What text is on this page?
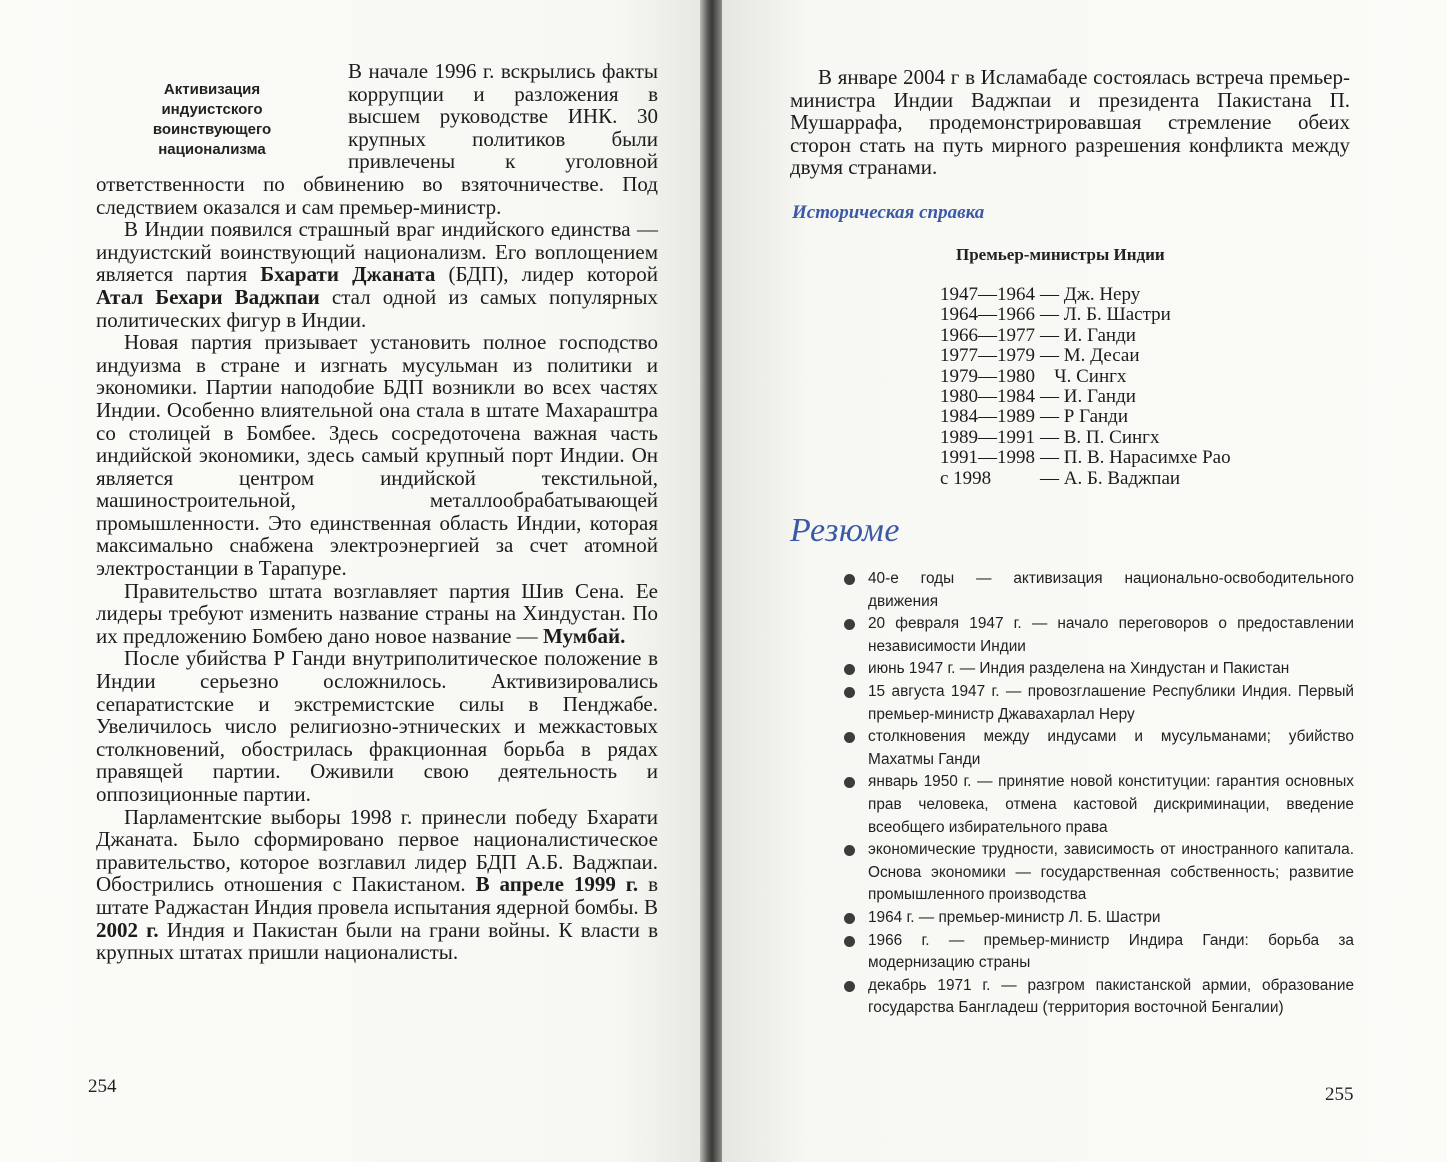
Активизация
индуистского
воинствующего
национализма

В начале 1996 г. вскрылись факты коррупции и разложения в высшем руководстве ИНК. 30 крупных политиков были привлечены к уголовной ответственности по обвинению во взяточничестве. Под следствием оказался и сам премьер-министр.

В Индии появился страшный враг индийского единства — индуистский воинствующий национализм. Его воплощением является партия Бхарати Джаната (БДП), лидер которой Атал Бехари Ваджпаи стал одной из самых популярных политических фигур в Индии.

Новая партия призывает установить полное господство индуизма в стране и изгнать мусульман из политики и экономики. Партии наподобие БДП возникли во всех частях Индии. Особенно влиятельной она стала в штате Махараштра со столицей в Бомбее. Здесь сосредоточена важная часть индийской экономики, здесь самый крупный порт Индии. Он является центром индийской текстильной, машиностроительной, металлообрабатывающей промышленности. Это единственная область Индии, которая максимально снабжена электроэнергией за счет атомной электростанции в Тарапуре.

Правительство штата возглавляет партия Шив Сена. Ее лидеры требуют изменить название страны на Хиндустан. По их предложению Бомбею дано новое название — Мумбай.

После убийства Р Ганди внутриполитическое положение в Индии серьезно осложнилось. Активизировались сепаратистские и экстремистские силы в Пенджабе. Увеличилось число религиозно-этнических и межкастовых столкновений, обострилась фракционная борьба в рядах правящей партии. Оживили свою деятельность и оппозиционные партии.

Парламентские выборы 1998 г. принесли победу Бхарати Джаната. Было сформировано первое националистическое правительство, которое возглавил лидер БДП А.Б. Ваджпаи. Обострились отношения с Пакистаном. В апреле 1999 г. в штате Раджастан Индия провела испытания ядерной бомбы. В 2002 г. Индия и Пакистан были на грани войны. К власти в крупных штатах пришли националисты.

254

В январе 2004 г в Исламабаде состоялась встреча премьер-министра Индии Ваджпаи и президента Пакистана П. Мушаррафа, продемонстрировавшая стремление обеих сторон стать на путь мирного разрешения конфликта между двумя странами.

Историческая справка
Премьер-министры Индии
1947—1964 — Дж. Неру
1964—1966 — Л. Б. Шастри
1966—1977 — И. Ганди
1977—1979 — М. Десаи
1979—1980   Ч. Сингх
1980—1984 — И. Ганди
1984—1989 — Р Ганди
1989—1991 — В. П. Сингх
1991—1998 — П. В. Нарасимхе Рао
с 1998	— А. Б. Ваджпаи
Резюме
40-е годы — активизация национально-освободительного движения
20 февраля 1947 г. — начало переговоров о предоставлении независимости Индии
июнь 1947 г. — Индия разделена на Хиндустан и Пакистан
15 августа 1947 г. — провозглашение Республики Индия. Первый премьер-министр Джавахарлал Неру
столкновения между индусами и мусульманами; убийство Махатмы Ганди
январь 1950 г. — принятие новой конституции: гарантия основных прав человека, отмена кастовой дискриминации, введение всеобщего избирательного права
экономические трудности, зависимость от иностранного капитала. Основа экономики — государственная собственность; развитие промышленного производства
1964 г. — премьер-министр Л. Б. Шастри
1966 г. — премьер-министр Индира Ганди: борьба за модернизацию страны
декабрь 1971 г. — разгром пакистанской армии, образование государства Бангладеш (территория восточной Бенгалии)
255
